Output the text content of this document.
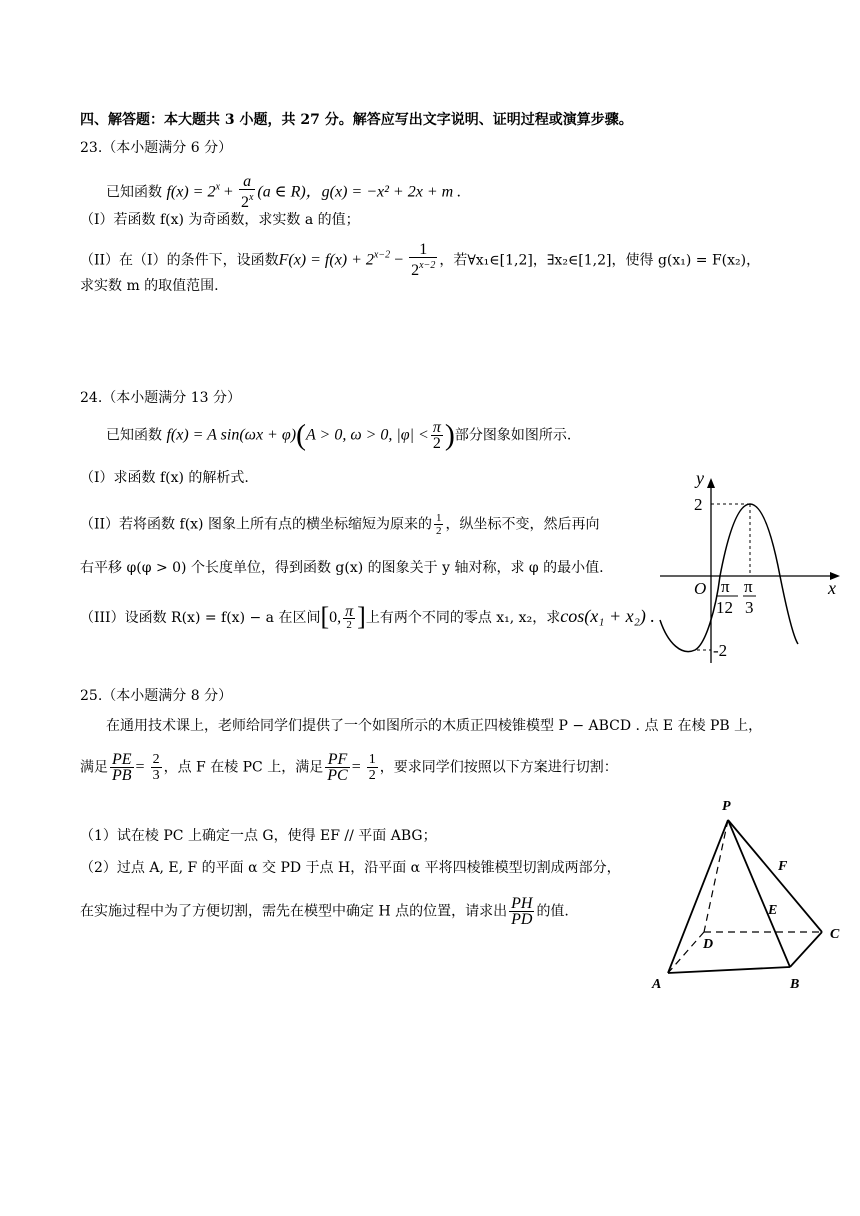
四、解答题：本大题共 3 小题，共 27 分。解答应写出文字说明、证明过程或演算步骤。
23.（本小题满分 6 分）
已知函数 $f(x) = 2^x + \frac{a}{2^x} (a$ ∈ R)，g(x) = −x² + 2x + m .
（I）若函数 f(x) 为奇函数，求实数 a 的值；
（II）在（I）的条件下，设函数$F(x) = f(x) + 2^{x-2} - \frac{1}{2^{x-2}}$ ，若∀x₁∈[1,2]，∃x₂∈[1,2]，使得 g(x₁) = F(x₂)，
求实数 m 的取值范围.
24.（本小题满分 13 分）
已知函数 f(x) = A sin(ωx + φ)(A > 0, ω > 0, $|\varphi| < \frac{\pi}{2}$ )部分图象如图所示.
（I）求函数 f(x) 的解析式.
（II）若将函数 f(x) 图象上所有点的横坐标缩短为原来的 $\frac{1}{2}$ ，纵坐标不变，然后再向
右平移 φ(φ > 0) 个长度单位，得到函数 g(x) 的图象关于 y 轴对称，求 φ 的最小值.
（III）设函数 R(x) = f(x) − a 在区间[0, $\frac{\pi}{2}$ ]上有两个不同的零点 x₁, x₂，求cos(x₁ + x₂) .
y
x
O
2
-2
π
12
π
3
25.（本小题满分 8 分）
在通用技术课上，老师给同学们提供了一个如图所示的木质正四棱锥模型 P − ABCD . 点 E 在棱 PB 上，
满足 $\frac{PE}{PB} = \frac{2}{3}$ ，点 F 在棱 PC 上，满足 $\frac{PF}{PC} = \frac{1}{2}$ ，要求同学们按照以下方案进行切割：
（1）试在棱 PC 上确定一点 G，使得 EF // 平面 ABG；
（2）过点 A, E, F 的平面 α 交 PD 于点 H，沿平面 α 平将四棱锥模型切割成两部分，
在实施过程中为了方便切割，需先在模型中确定 H 点的位置，请求出 $\frac{PH}{PD}$ 的值.
P
A	B
C
D
E
F
